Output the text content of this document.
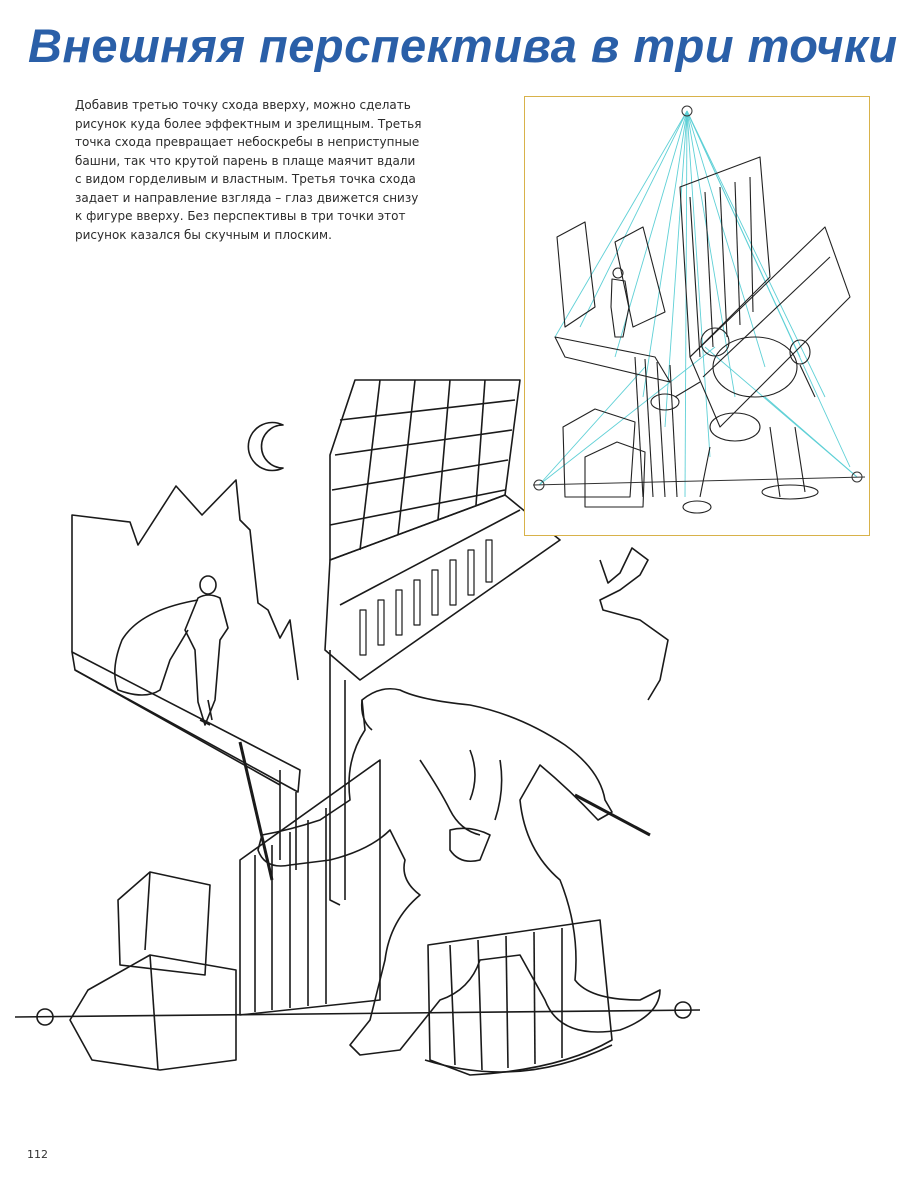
Внешняя перспектива в три точки

Добавив третью точку схода вверху, можно сделать рисунок куда более эффектным и зрелищным. Третья точка схода превращает небоскребы в неприступные башни, так что крутой парень в плаще маячит вдали с видом горделивым и властным. Третья точка схода задает и направление взгляда – глаз движется снизу к фигуре вверху. Без перспективы в три точки этот рисунок казался бы скучным и плоским.

112
